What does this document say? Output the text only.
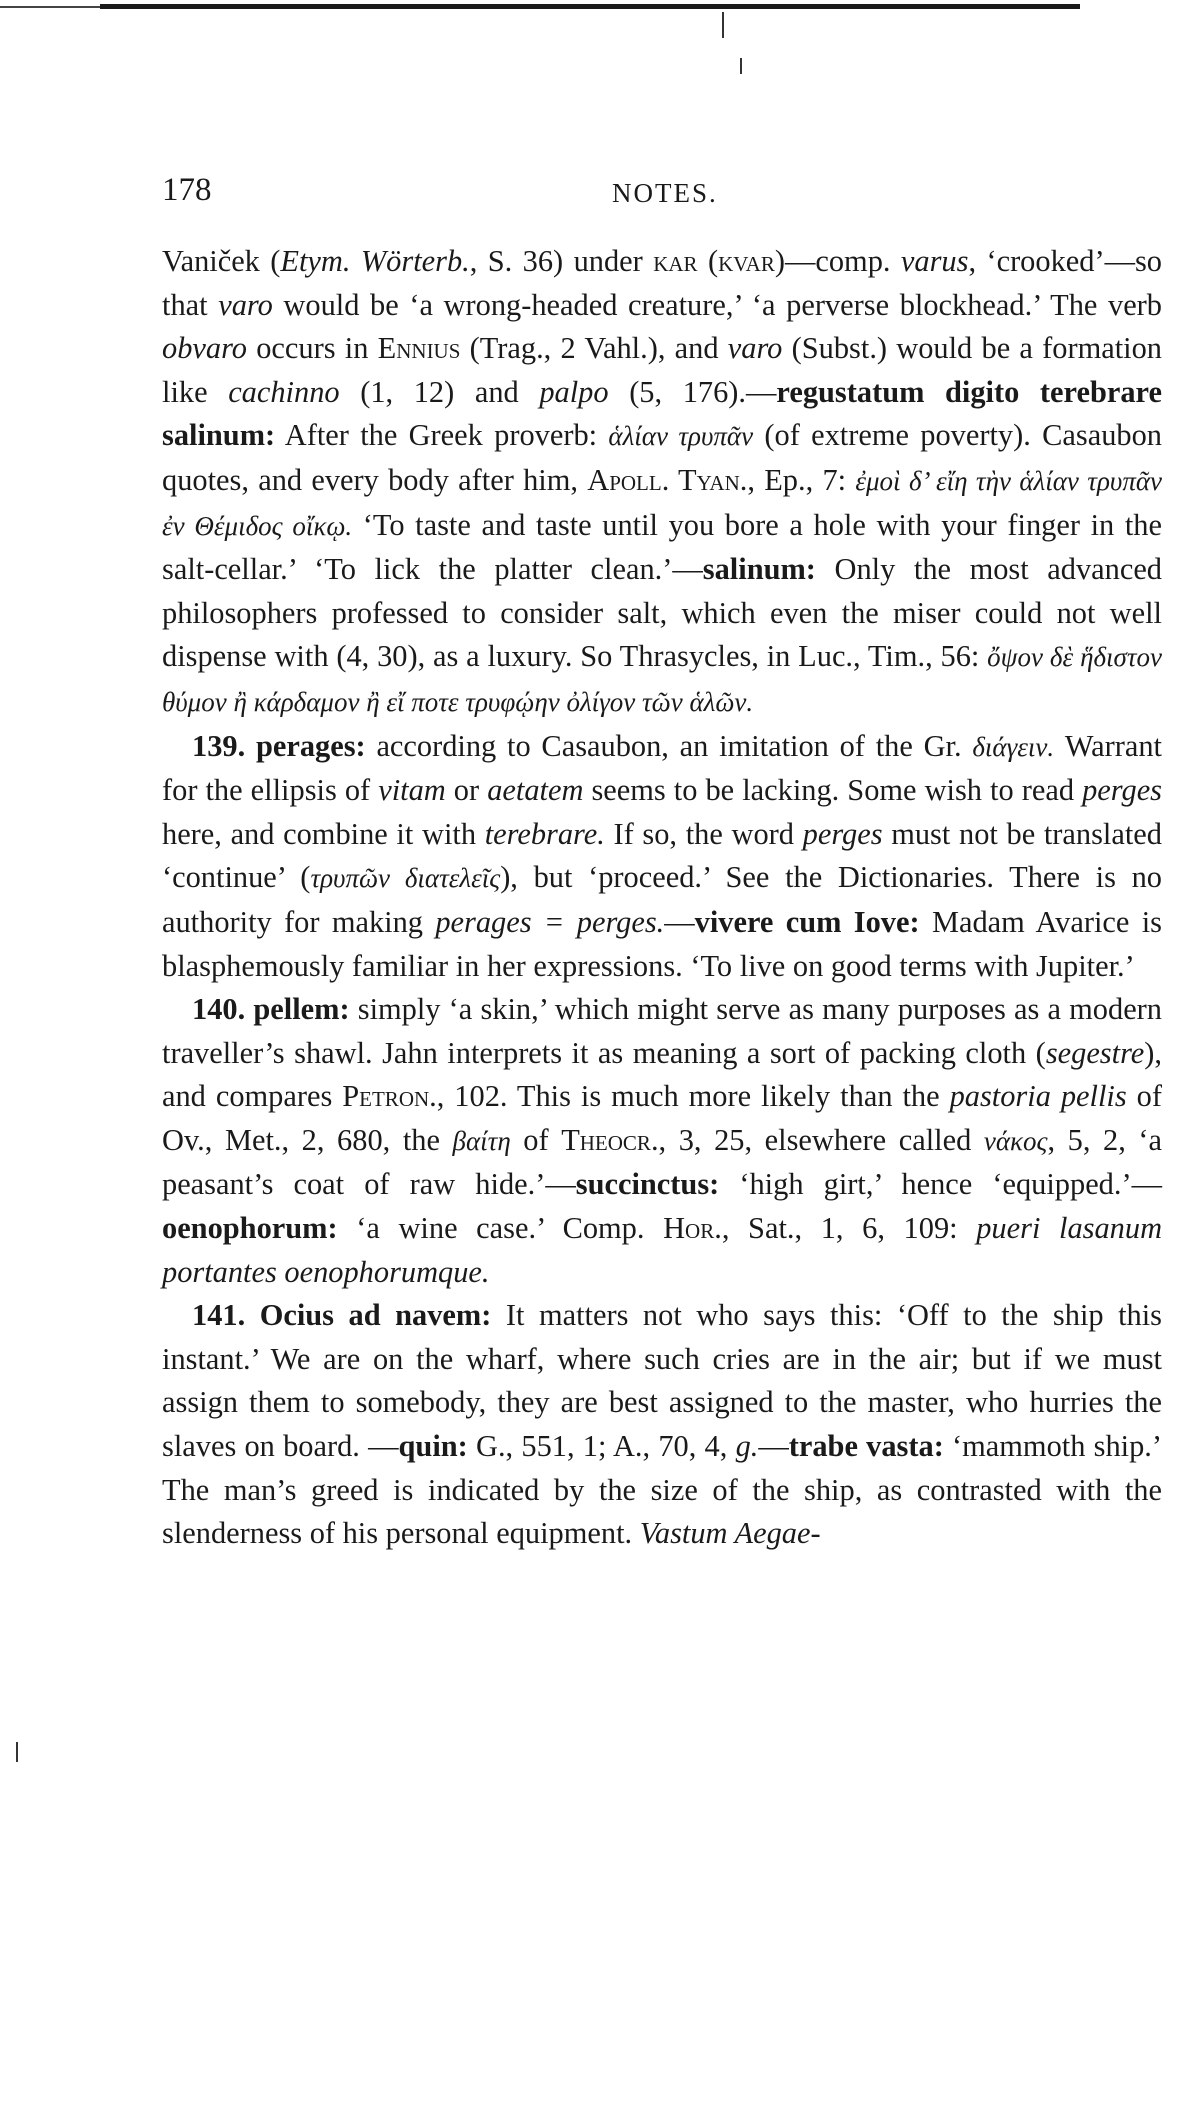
178	NOTES.

Vaniček (Etym. Wörterb., S. 36) under kar (kvar)—comp. varus, ‘crooked’—so that varo would be ‘a wrong-headed creature,’ ‘a perverse blockhead.’ The verb obvaro occurs in Ennius (Trag., 2 Vahl.), and varo (Subst.) would be a formation like cachinno (1, 12) and palpo (5, 176).—regustatum digito terebrare salinum: After the Greek proverb: ἁλίαν τρυπᾶν (of extreme poverty). Casaubon quotes, and every body after him, Apoll. Tyan., Ep., 7: ἐμοὶ δ’ εἴη τὴν ἁλίαν τρυπᾶν ἐν Θέμιδος οἴκῳ. ‘To taste and taste until you bore a hole with your finger in the salt-cellar.’ ‘To lick the platter clean.’—salinum: Only the most advanced philosophers professed to consider salt, which even the miser could not well dispense with (4, 30), as a luxury. So Thrasycles, in Luc., Tim., 56: ὄψον δὲ ἥδιστον θύμον ἢ κάρδαμον ἢ εἴ ποτε τρυφῴην ὀλίγον τῶν ἁλῶν.

139. perages: according to Casaubon, an imitation of the Gr. διάγειν. Warrant for the ellipsis of vitam or aetatem seems to be lacking. Some wish to read perges here, and combine it with terebrare. If so, the word perges must not be translated ‘continue’ (τρυπῶν διατελεῖς), but ‘proceed.’ See the Dictionaries. There is no authority for making perages = perges.—vivere cum Iove: Madam Avarice is blasphemously familiar in her expressions. ‘To live on good terms with Jupiter.’

140. pellem: simply ‘a skin,’ which might serve as many purposes as a modern traveller’s shawl. Jahn interprets it as meaning a sort of packing cloth (segestre), and compares Petron., 102. This is much more likely than the pastoria pellis of Ov., Met., 2, 680, the βαίτη of Theocr., 3, 25, elsewhere called νάκος, 5, 2, ‘a peasant’s coat of raw hide.’—succinctus: ‘high girt,’ hence ‘equipped.’—oenophorum: ‘a wine case.’ Comp. Hor., Sat., 1, 6, 109: pueri lasanum portantes oenophorumque.

141. Ocius ad navem: It matters not who says this: ‘Off to the ship this instant.’ We are on the wharf, where such cries are in the air; but if we must assign them to somebody, they are best assigned to the master, who hurries the slaves on board. —quin: G., 551, 1; A., 70, 4, g.—trabe vasta: ‘mammoth ship.’ The man’s greed is indicated by the size of the ship, as contrasted with the slenderness of his personal equipment. Vastum Aegae-
